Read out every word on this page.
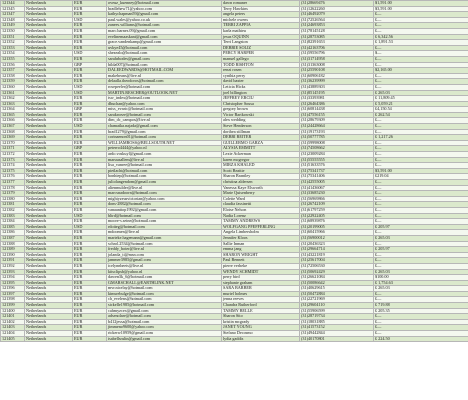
121344	Netherlands	EUR	oveuz_kuenney@hotmail.com	dawn romaner	(31)28669476	$1,591.00
121345	Netherlands	EUR	bradlehew71@yahoo.com	Terry Hawkins	(31)12622260	$3,591.00
121347	Netherlands	EUR	kathychapman59@gmail.com	angela peters	(31)46492079	£—
121348	Netherlands	USD	paul.wales@yahoo.co.uk	michele owens	(31)72526564	£—
121349	Netherlands	EUR	zanees.williams@hotmail.com	TERRI ZAPPIA	(31)24693853	£—
121350	Netherlands	EUR	marc.barnes.09@gmail.com	karla mathieu	(31)78145128	£—
121351	Netherlands	EUR	evelinemaaskant@gmail.com	jesus OQUINN	(31)28753085	£ 6,342.56
121352	Netherlands	EUR	grace.vandenkamp@gmail.com	Terri Langston	(31)82391653	£ 1,891.53
121353	Netherlands	EUR	uvkye45@hotmail.com	DEBBIE SOLIZ	(31)42163706	£—
121354	Netherlands	USD	shezealo@hotmail.com	PERCY HARPER	(31)59556796	$—
121355	Netherlands	EUR	sarahrhodes@gmail.com	manuel gallego	(31)31714958	£—
121356	Netherlands	GBP	bilda007@hotmail.com	TODD RISHTON	(31)31363008	£—
121357	Netherlands	EUR	DALEEDWARDS@HOTMAIL.COM	renzi rosen	(31)25590108	$2,165.00
121358	Netherlands	EUR	makebeans@live.nl	cynthia perry	(31)60906182	£—
121359	Netherlands	EUR	delaalla.theodoros@hotmail.com	david baxter	(31)36239999	£—
121360	Netherlands	USD	rosepeeler@hotmail.com	Leticia Hicks	(31)43889303	£—
121361	Netherlands	USD	MARTIN.RESCHER@OUTLOOK.NET	joel billington	(31)85145195	£ 265.03
121362	Netherlands	EUR	tsw_index@hotmail.com	JEFFREY ERCIU	(31)33393981	£ 11,809.45
121363	Netherlands	EUR	dbuchan@yahoo.com	Christopher Sousa	(31)26464386	£ 5,059.21
121364	Netherlands	GBP	miss_evaric@hotmail.com	gregory brown	(31)60814438	£4,150.54
121365	Netherlands	EUR	sarakroeze@hotmail.com	Victor Bartkowski	(31)47556155	£ 262.54
121366	Netherlands	EUR	dim_dc_campos@live.nl	alex wedding	(31)28679309	£—
121367	Netherlands	USD	chamaika.najada@gmail.com	Steve Henderson	(31)24428664	£—
121368	Netherlands	EUR	brad1279@gmail.com	dorthea stillman	(31)19173193	£—
121369	Netherlands	EUR	corinaenon01@hotmail.com	DEBBI REITER	(31)50777785	£ 1,217.26
121370	Netherlands	EUR	WILLIAMROSS@BELLSOUTH.NET	GUILLERMO GARZA	(31)59998008	£—
121371	Netherlands	GBP	peterro4444@yahoo.nl	ALYSIA EMMITT	(31)74508662	£—
121372	Netherlands	EUR	ardo.voskuyl@gmail.com	Lexie Ackerman	(31)23009284	£—
121373	Netherlands	EUR	maruusallem@live.nl	karen mcgregor	(31)55555555	£—
121374	Netherlands	EUR	lisa_vanree@hotmail.com	MIRZA KHALED	(31)51633576	£—
121375	Netherlands	EUR	pietlacht@hotmail.com	Scott Beattie	(31)75341737	$3,591.00
121376	Netherlands	EUR	bonhiep@hotmail.com	Sharon Brantley	(31)75341406	£219.04
121377	Netherlands	EUR	juliolangendom@gmail.com	christina aldersen	(31)42555005	£—
121378	Netherlands	EUR	alienmulder@live.nl	Vanessa Kaye Elsworth	(31)41436067	£—
121379	Netherlands	EUR	marcsnadoorn@hotmail.com	Marie Quisenberry	(31)33685230	£—
121380	Netherlands	EUR	mightyzeusvictorian@yahoo.com	Colette Ward	(31)56969866	£—
121381	Netherlands	EUR	dons-2882@hotmail.com	claudia fassinetti	(31)26742109	£—
121382	Netherlands	EUR	vanaanttop1992@gmail.com	Eloise Nelson	(31)61797259	£—
121383	Netherlands	USD	bltrd@hotmail.com	Nadia Lorenz	(31)22922405	£—
121384	Netherlands	EUR	moore-s.seine@hotmail.com	TAMMY ANDREWS	(31)68939876	£—
121385	Netherlands	USD	rdoiteg@hotmail.com	WOLFGANG PFEFFERLING	(31)20199005	£ 205.97
121386	Netherlands	EUR	mdoomen@live.nl	Angela Limbersholm	(31)60415966	£—
121387	Netherlands	EUR	marieke.hagemann@gmail.com	Jennifer Kloos	(31)56900012	£ 265.03
121388	Netherlands	EUR	schrol.2534@hotmail.com	Sallie Inman	(31)20436323	£—
121389	Netherlands	EUR	freddy_boter@live.nl	emma jang	(31)29664714	£ 205.97
121390	Netherlands	EUR	jolanda_tt@msn.com	SHARON WRIGHT	(31)43221819	£—
121391	Netherlands	EUR	jammer3985@gmail.com	Paul Bennett	(31)25617004	£—
121392	Netherlands	EUR	icelynnbeets@live.nl	pierre verheke	(31)72506530	£—
121393	Netherlands	EUR	kitsclipsb@yahoo.nl	WENDY SCHMIDT	(31)50692429	£ 265.03
121394	Netherlands	EUR	dawen3k_6@hotmail.com	perry bird	(31)26621084	$100.00
121395	Netherlands	EUR	GMARSCHALL@EARTHLINK.NET	stephanie graham	(31)50086642	£ 1,754.63
121396	Netherlands	EUR	mvr.nicelay@hotmail.com	SARA BARBER	(31)40629615	£ 265.03
121397	Netherlands	EUR	kimsrebulge@hotmail.com	muriel holmes	(31)50472884	£—
121398	Netherlands	EUR	ch_evelens@hotmail.com	jenna reeves	(31)22721969	£—
121399	Netherlands	EUR	sickelle1985@hotmail.com	Chandra Rutherford	(31)29604110	£ 719.88
121400	Netherlands	EUR	cahmyzcex@gmail.com	TAMMY BELLE	(31)55906599	£ 205.35
121401	Netherlands	EUR	adsenolare@hotmail.com	Sharon Sito	(31)28719734	£—
121402	Netherlands	EUR	b412jessa@hotmail.com	kristin mcgrady	(31)18031885	£—
121403	Netherlands	EUR	jimmeno9600@yahoo.com	JANET YOUNG	(31)41573152	£—
121404	Netherlands	EUR	rickerw10959@gmail.com	Stefano Decosmo	(31)49442844	£—
121405	Netherlands	EUR	isabellsrulin@gmail.com	lydia gaddis	(31)40170801	£ 224.50
